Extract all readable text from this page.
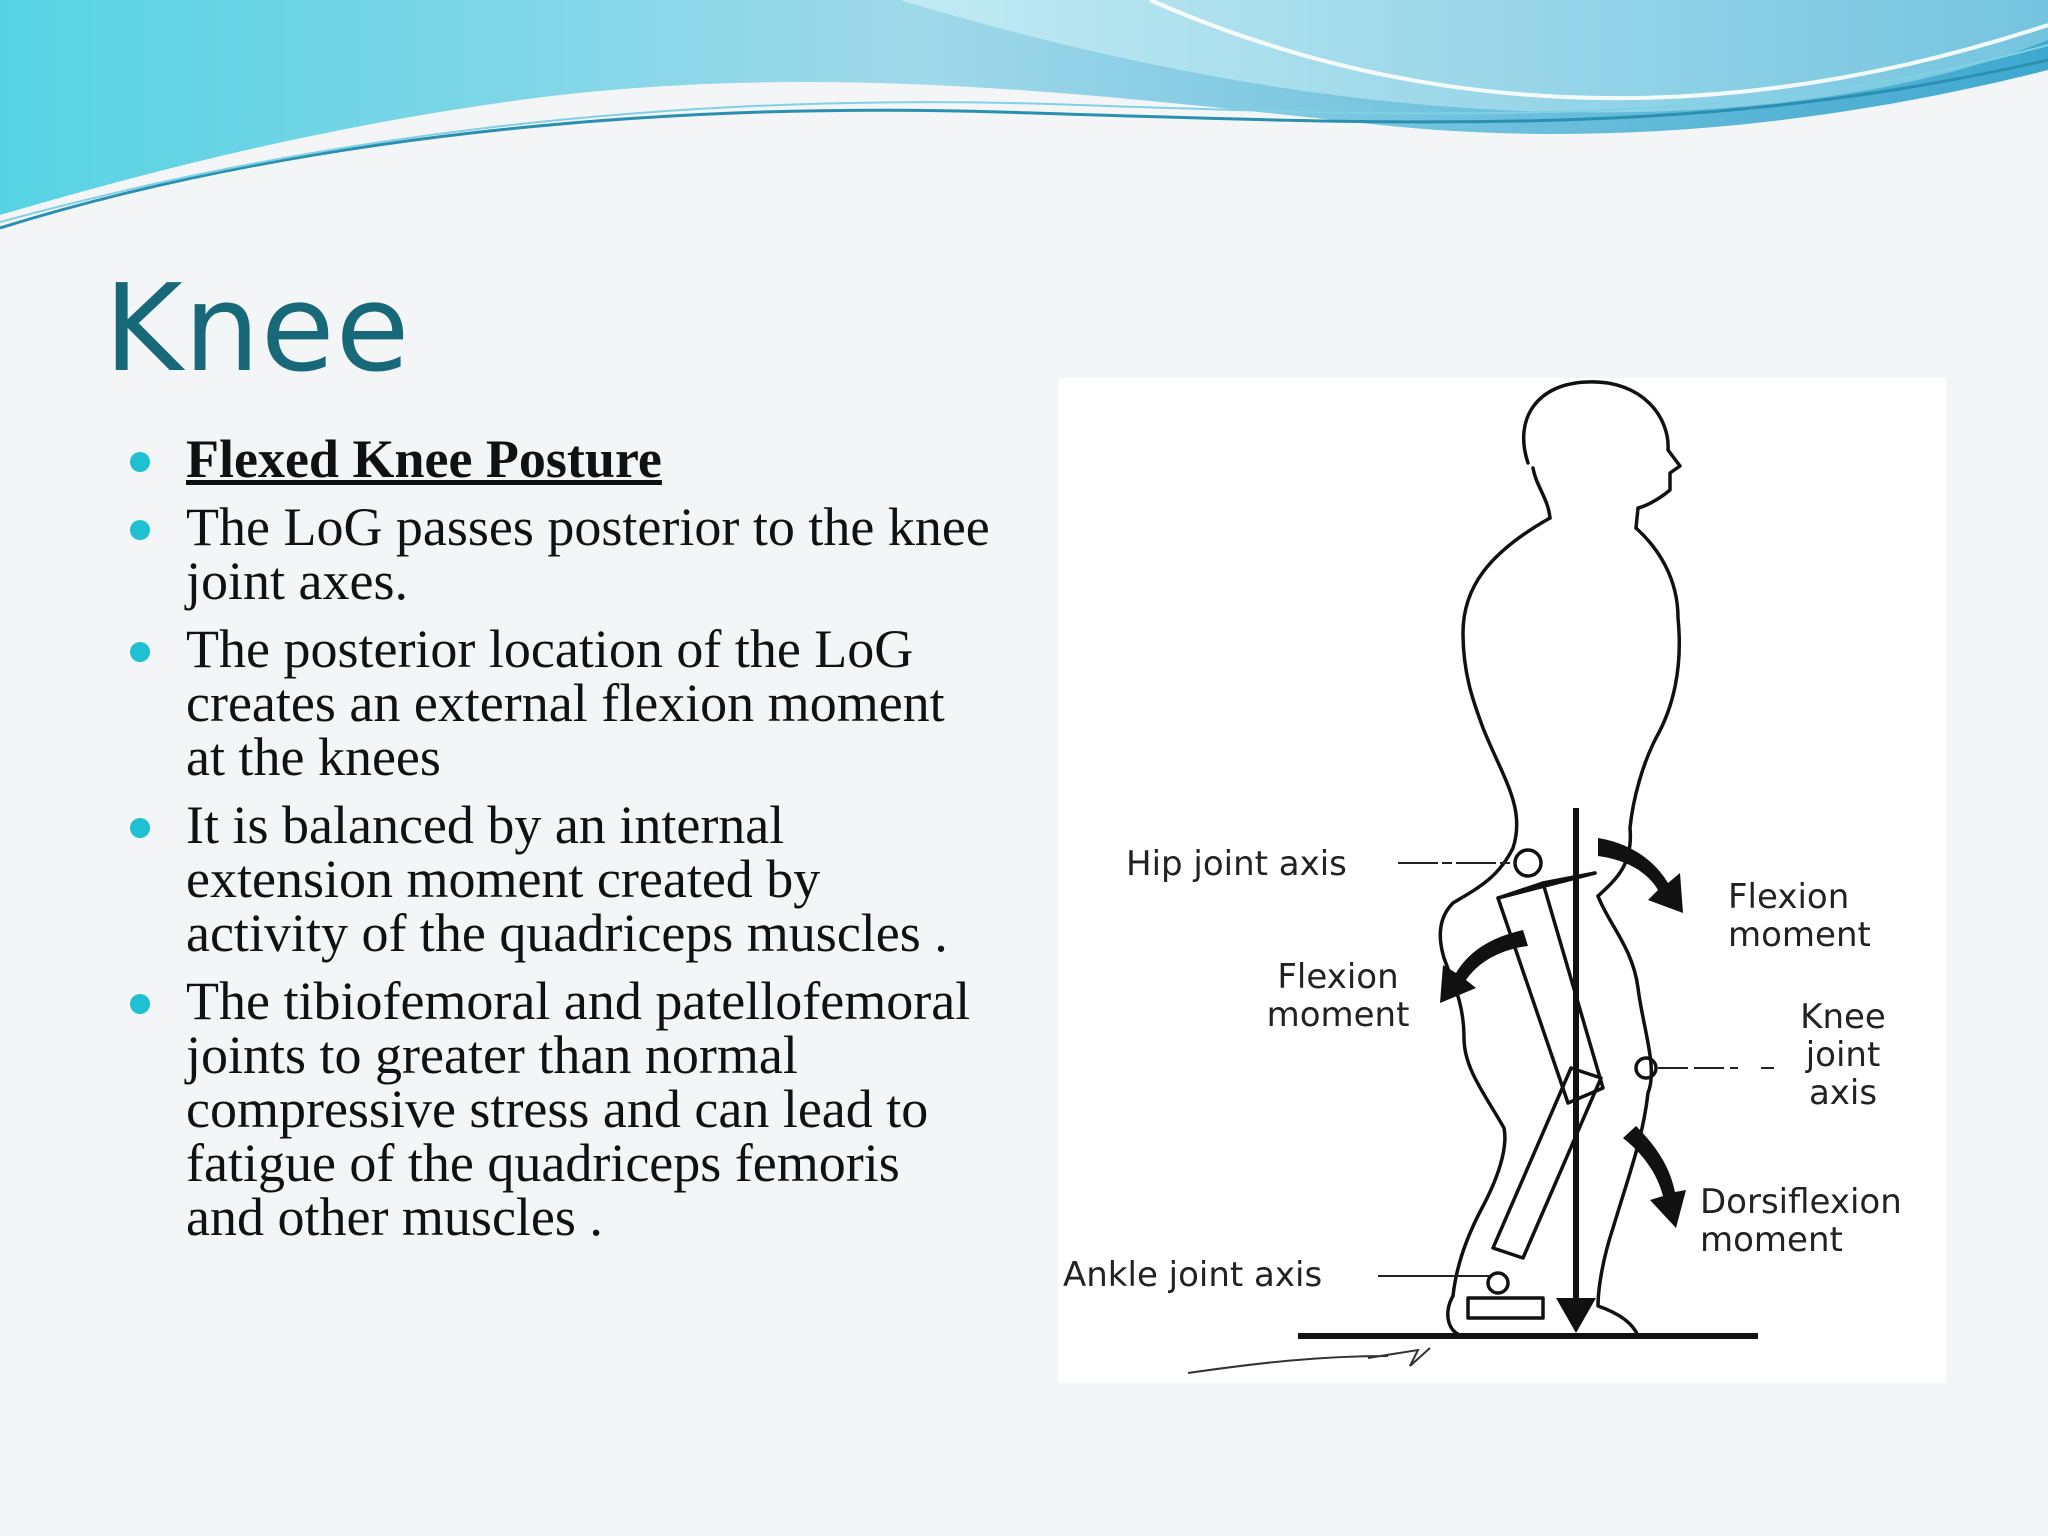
Knee
Flexed Knee Posture
The LoG passes posterior to the knee joint axes.
The posterior location of the LoG creates an external flexion moment at the knees
It is balanced by an internal extension moment created by activity of the quadriceps muscles .
The tibiofemoral and patellofemoral joints to greater than normal compressive stress and can lead to fatigue of the quadriceps femoris and other muscles .
Hip joint axis
Flexion
moment
Flexion
moment
Knee
joint
axis
Dorsiflexion
moment
Ankle joint axis
